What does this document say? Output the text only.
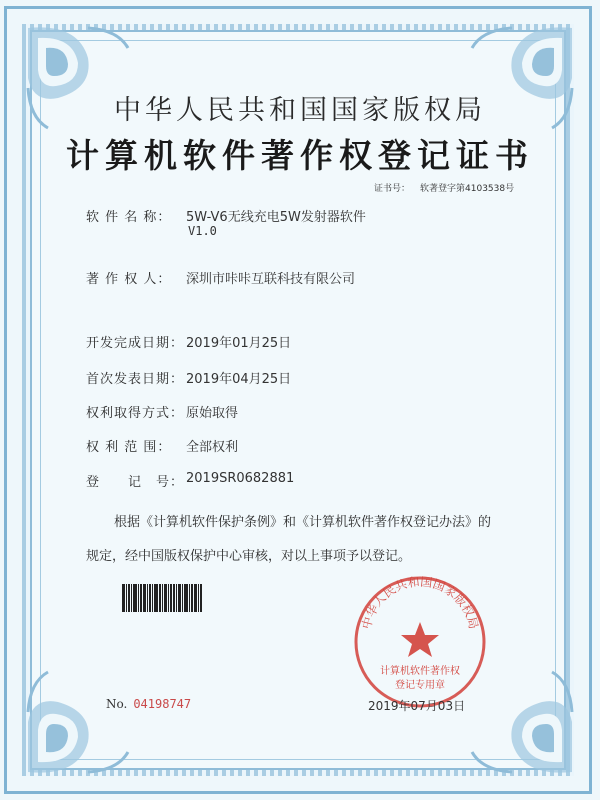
中华人民共和国国家版权局
计算机软件著作权登记证书
证书号： 软著登字第4103538号
软 件 名 称：	5W-V6无线充电5W发射器软件
V1.0
著 作 权 人：	深圳市咔咔互联科技有限公司
开发完成日期： 2019年01月25日
首次发表日期： 2019年04月25日
权利取得方式： 原始取得
权 利 范 围：	全部权利
登　　记　号： 2019SR0682881
根据《计算机软件保护条例》和《计算机软件著作权登记办法》的
规定，经中国版权保护中心审核，对以上事项予以登记。
中华人民共和国国家版权局
计算机软件著作权
登记专用章
No. 04198747	2019年07月03日
